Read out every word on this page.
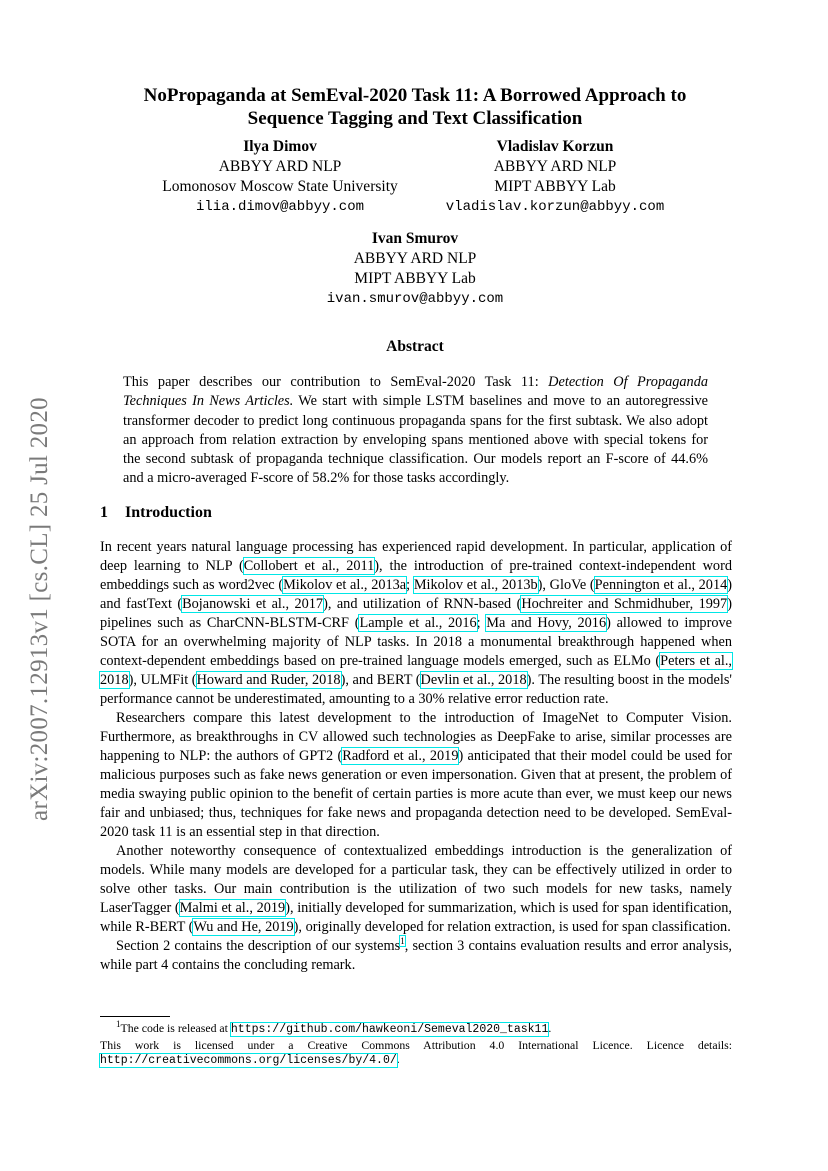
arXiv:2007.12913v1 [cs.CL] 25 Jul 2020
NoPropaganda at SemEval-2020 Task 11: A Borrowed Approach to
Sequence Tagging and Text Classification
Ilya Dimov
ABBYY ARD NLP
Lomonosov Moscow State University
ilia.dimov@abbyy.com
Vladislav Korzun
ABBYY ARD NLP
MIPT ABBYY Lab
vladislav.korzun@abbyy.com
Ivan Smurov
ABBYY ARD NLP
MIPT ABBYY Lab
ivan.smurov@abbyy.com
Abstract
This paper describes our contribution to SemEval-2020 Task 11: Detection Of Propaganda Techniques In News Articles. We start with simple LSTM baselines and move to an autoregressive transformer decoder to predict long continuous propaganda spans for the first subtask. We also adopt an approach from relation extraction by enveloping spans mentioned above with special tokens for the second subtask of propaganda technique classification. Our models report an F-score of 44.6% and a micro-averaged F-score of 58.2% for those tasks accordingly.
1 Introduction

In recent years natural language processing has experienced rapid development. In particular, application of deep learning to NLP (Collobert et al., 2011), the introduction of pre-trained context-independent word embeddings such as word2vec (Mikolov et al., 2013a; Mikolov et al., 2013b), GloVe (Pennington et al., 2014) and fastText (Bojanowski et al., 2017), and utilization of RNN-based (Hochreiter and Schmidhuber, 1997) pipelines such as CharCNN-BLSTM-CRF (Lample et al., 2016; Ma and Hovy, 2016) allowed to improve SOTA for an overwhelming majority of NLP tasks. In 2018 a monumental breakthrough happened when context-dependent embeddings based on pre-trained language models emerged, such as ELMo (Peters et al., 2018), ULMFit (Howard and Ruder, 2018), and BERT (Devlin et al., 2018). The resulting boost in the models' performance cannot be underestimated, amounting to a 30% relative error reduction rate.

Researchers compare this latest development to the introduction of ImageNet to Computer Vision. Furthermore, as breakthroughs in CV allowed such technologies as DeepFake to arise, similar processes are happening to NLP: the authors of GPT2 (Radford et al., 2019) anticipated that their model could be used for malicious purposes such as fake news generation or even impersonation. Given that at present, the problem of media swaying public opinion to the benefit of certain parties is more acute than ever, we must keep our news fair and unbiased; thus, techniques for fake news and propaganda detection need to be developed. SemEval-2020 task 11 is an essential step in that direction.

Another noteworthy consequence of contextualized embeddings introduction is the generalization of models. While many models are developed for a particular task, they can be effectively utilized in order to solve other tasks. Our main contribution is the utilization of two such models for new tasks, namely LaserTagger (Malmi et al., 2019), initially developed for summarization, which is used for span identification, while R-BERT (Wu and He, 2019), originally developed for relation extraction, is used for span classification.

Section 2 contains the description of our systems$^1$, section 3 contains evaluation results and error analysis, while part 4 contains the concluding remark.

$^1$The code is released at https://github.com/hawkeoni/Semeval2020_task11.
This work is licensed under a Creative Commons Attribution 4.0 International Licence. Licence details: http://creativecommons.org/licenses/by/4.0/.
